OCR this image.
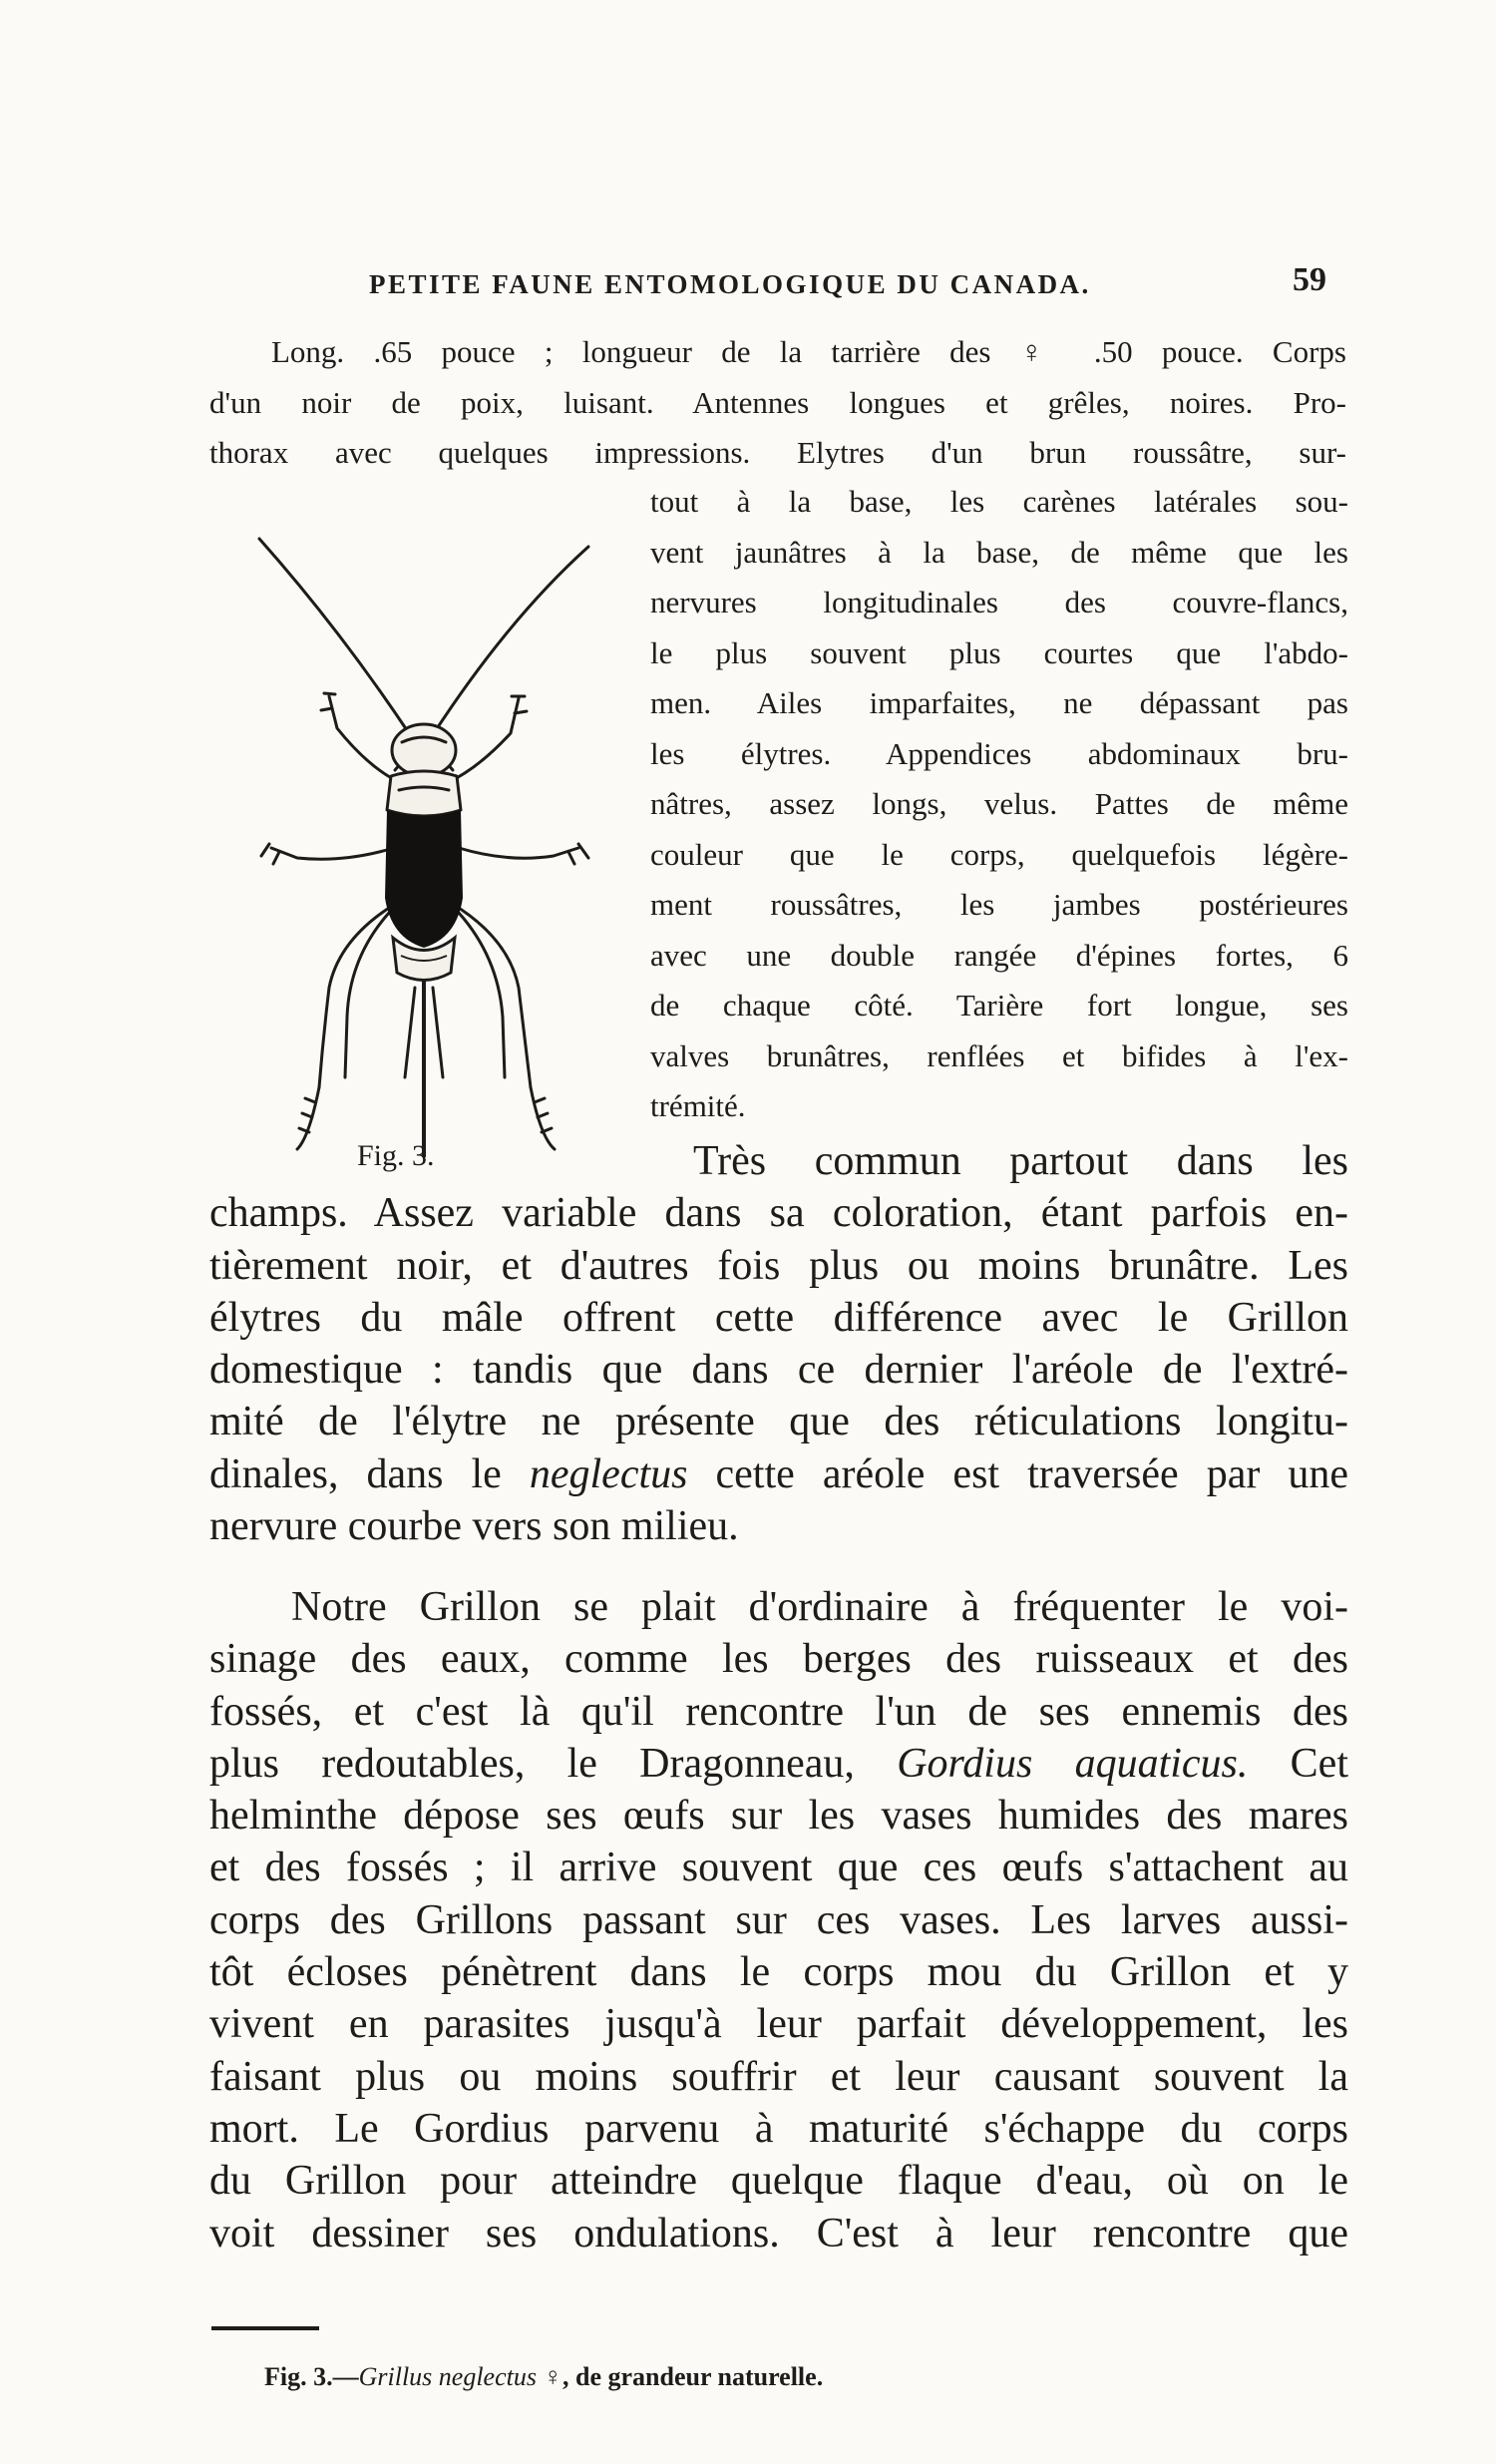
PETITE FAUNE ENTOMOLOGIQUE DU CANADA.	59

Long. .65 pouce ; longueur de la tarrière des ♀ .50 pouce. Corps

d'un noir de poix, luisant. Antennes longues et grêles, noires. Pro-

thorax avec quelques impressions. Elytres d'un brun roussâtre, sur-

tout à la base, les carènes latérales sou-

vent jaunâtres à la base, de même que les

nervures longitudinales des couvre-flancs,

le plus souvent plus courtes que l'abdo-

men. Ailes imparfaites, ne dépassant pas

les élytres. Appendices abdominaux bru-

nâtres, assez longs, velus. Pattes de même

couleur que le corps, quelquefois légère-

ment roussâtres, les jambes postérieures

avec une double rangée d'épines fortes, 6

de chaque côté. Tarière fort longue, ses

valves brunâtres, renflées et bifides à l'ex-

trémité.

Fig. 3.	Très commun partout dans les

champs. Assez variable dans sa coloration, étant parfois en-

tièrement noir, et d'autres fois plus ou moins brunâtre. Les

élytres du mâle offrent cette différence avec le Grillon

domestique : tandis que dans ce dernier l'aréole de l'extré-

mité de l'élytre ne présente que des réticulations longitu-

dinales, dans le neglectus cette aréole est traversée par une

nervure courbe vers son milieu.

Notre Grillon se plait d'ordinaire à fréquenter le voi-

sinage des eaux, comme les berges des ruisseaux et des

fossés, et c'est là qu'il rencontre l'un de ses ennemis des

plus redoutables, le Dragonneau, Gordius aquaticus. Cet

helminthe dépose ses œufs sur les vases humides des mares

et des fossés ; il arrive souvent que ces œufs s'attachent au

corps des Grillons passant sur ces vases. Les larves aussi-

tôt écloses pénètrent dans le corps mou du Grillon et y

vivent en parasites jusqu'à leur parfait développement, les

faisant plus ou moins souffrir et leur causant souvent la

mort. Le Gordius parvenu à maturité s'échappe du corps

du Grillon pour atteindre quelque flaque d'eau, où on le

voit dessiner ses ondulations. C'est à leur rencontre que

Fig. 3.—Grillus neglectus ♀, de grandeur naturelle.
